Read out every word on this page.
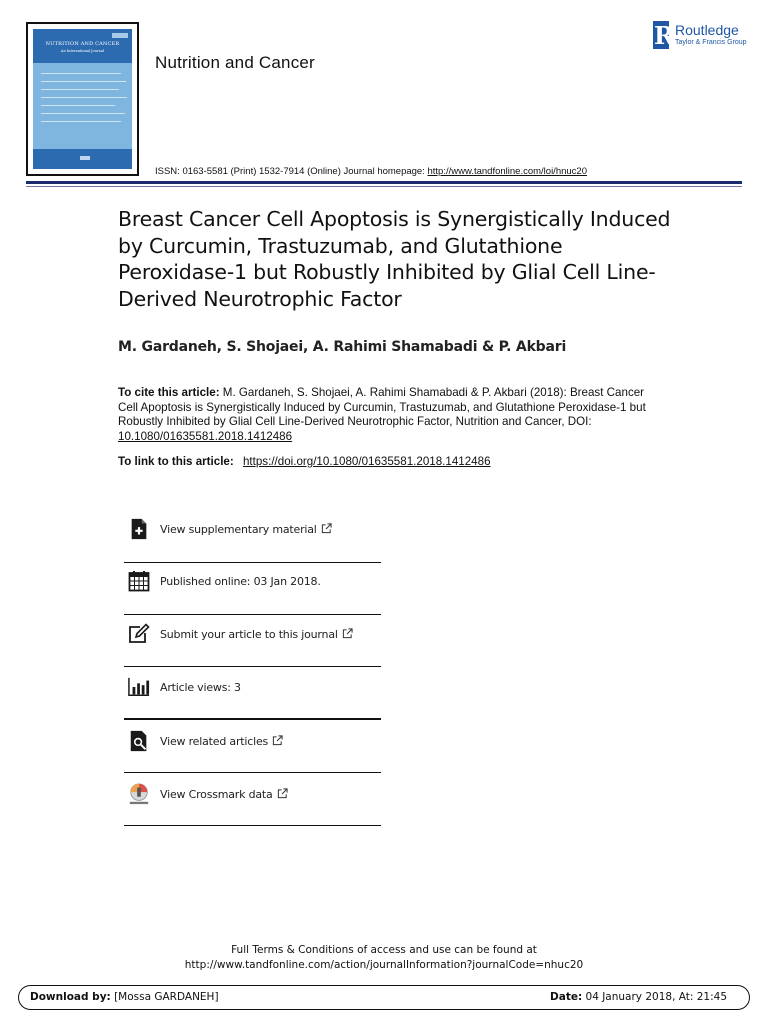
NUTRITION AND CANCER
An International Journal
Nutrition and Cancer
R Routledge
Taylor & Francis Group
ISSN: 0163-5581 (Print) 1532-7914 (Online) Journal homepage: http://www.tandfonline.com/loi/hnuc20
Breast Cancer Cell Apoptosis is Synergistically Induced by Curcumin, Trastuzumab, and Glutathione Peroxidase-1 but Robustly Inhibited by Glial Cell Line-Derived Neurotrophic Factor
M. Gardaneh, S. Shojaei, A. Rahimi Shamabadi & P. Akbari

To cite this article: M. Gardaneh, S. Shojaei, A. Rahimi Shamabadi & P. Akbari (2018): Breast Cancer Cell Apoptosis is Synergistically Induced by Curcumin, Trastuzumab, and Glutathione Peroxidase-1 but Robustly Inhibited by Glial Cell Line-Derived Neurotrophic Factor, Nutrition and Cancer, DOI: 10.1080/01635581.2018.1412486

To link to this article: https://doi.org/10.1080/01635581.2018.1412486
View supplementary material
Published online: 03 Jan 2018.
Submit your article to this journal
Article views: 3
View related articles
View Crossmark data
Full Terms & Conditions of access and use can be found at
http://www.tandfonline.com/action/journalInformation?journalCode=nhuc20
Download by: [Mossa GARDANEH]	Date: 04 January 2018, At: 21:45
